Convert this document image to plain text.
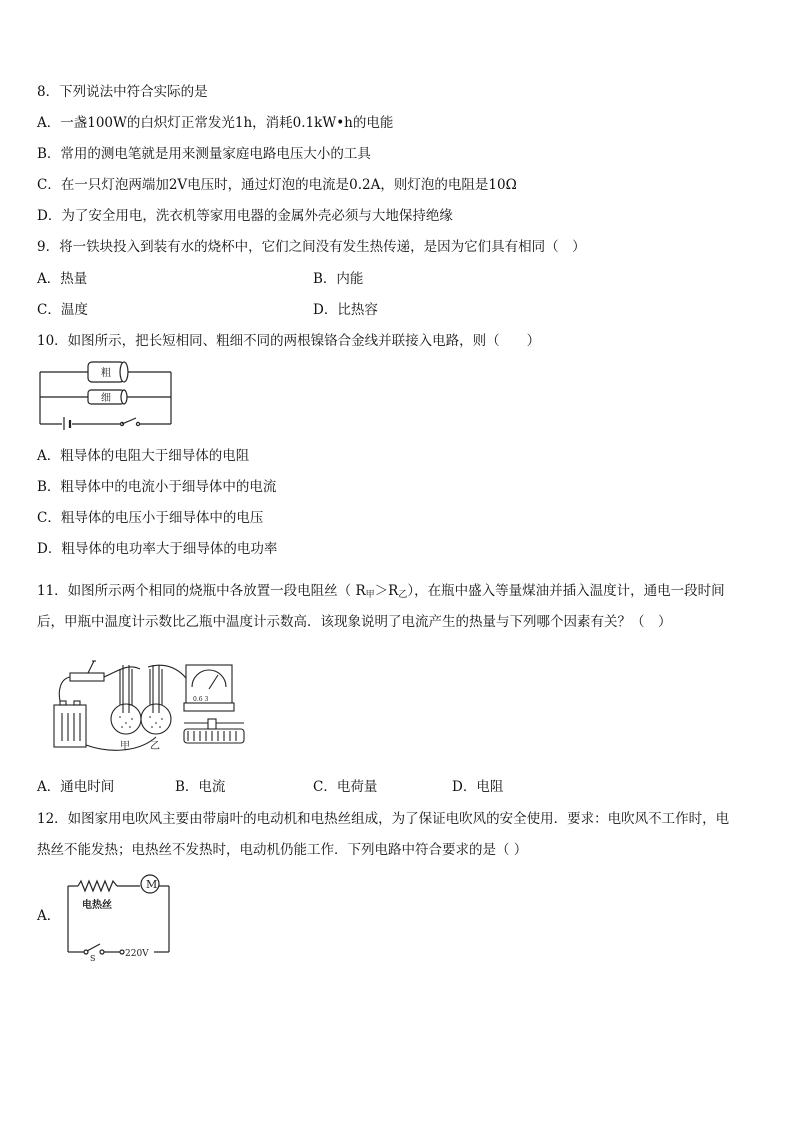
8．下列说法中符合实际的是
A．一盏100W的白炽灯正常发光1h，消耗0.1kW•h的电能
B．常用的测电笔就是用来测量家庭电路电压大小的工具
C．在一只灯泡两端加2V电压时，通过灯泡的电流是0.2A，则灯泡的电阻是10Ω
D．为了安全用电，洗衣机等家用电器的金属外壳必须与大地保持绝缘
9．将一铁块投入到装有水的烧杯中，它们之间没有发生热传递，是因为它们具有相同（　）
A．热量	B．内能
C．温度	D．比热容
10．如图所示，把长短相同、粗细不同的两根镍铬合金线并联接入电路，则（　　）
粗
细
A．粗导体的电阻大于细导体的电阻
B．粗导体中的电流小于细导体中的电流
C．粗导体的电压小于细导体中的电压
D．粗导体的电功率大于细导体的电功率
11．如图所示两个相同的烧瓶中各放置一段电阻丝（ $R_甲>R_乙$），在瓶中盛入等量煤油并插入温度计，通电一段时间
后，甲瓶中温度计示数比乙瓶中温度计示数高．该现象说明了电流产生的热量与下列哪个因素有关？（　）
0.6 3
甲 乙
A．通电时间	B．电流	C．电荷量	D．电阻
12．如图家用电吹风主要由带扇叶的电动机和电热丝组成，为了保证电吹风的安全使用．要求：电吹风不工作时，电
热丝不能发热；电热丝不发热时，电动机仍能工作．下列电路中符合要求的是（ ）
A．
M
电热丝
S	220V
